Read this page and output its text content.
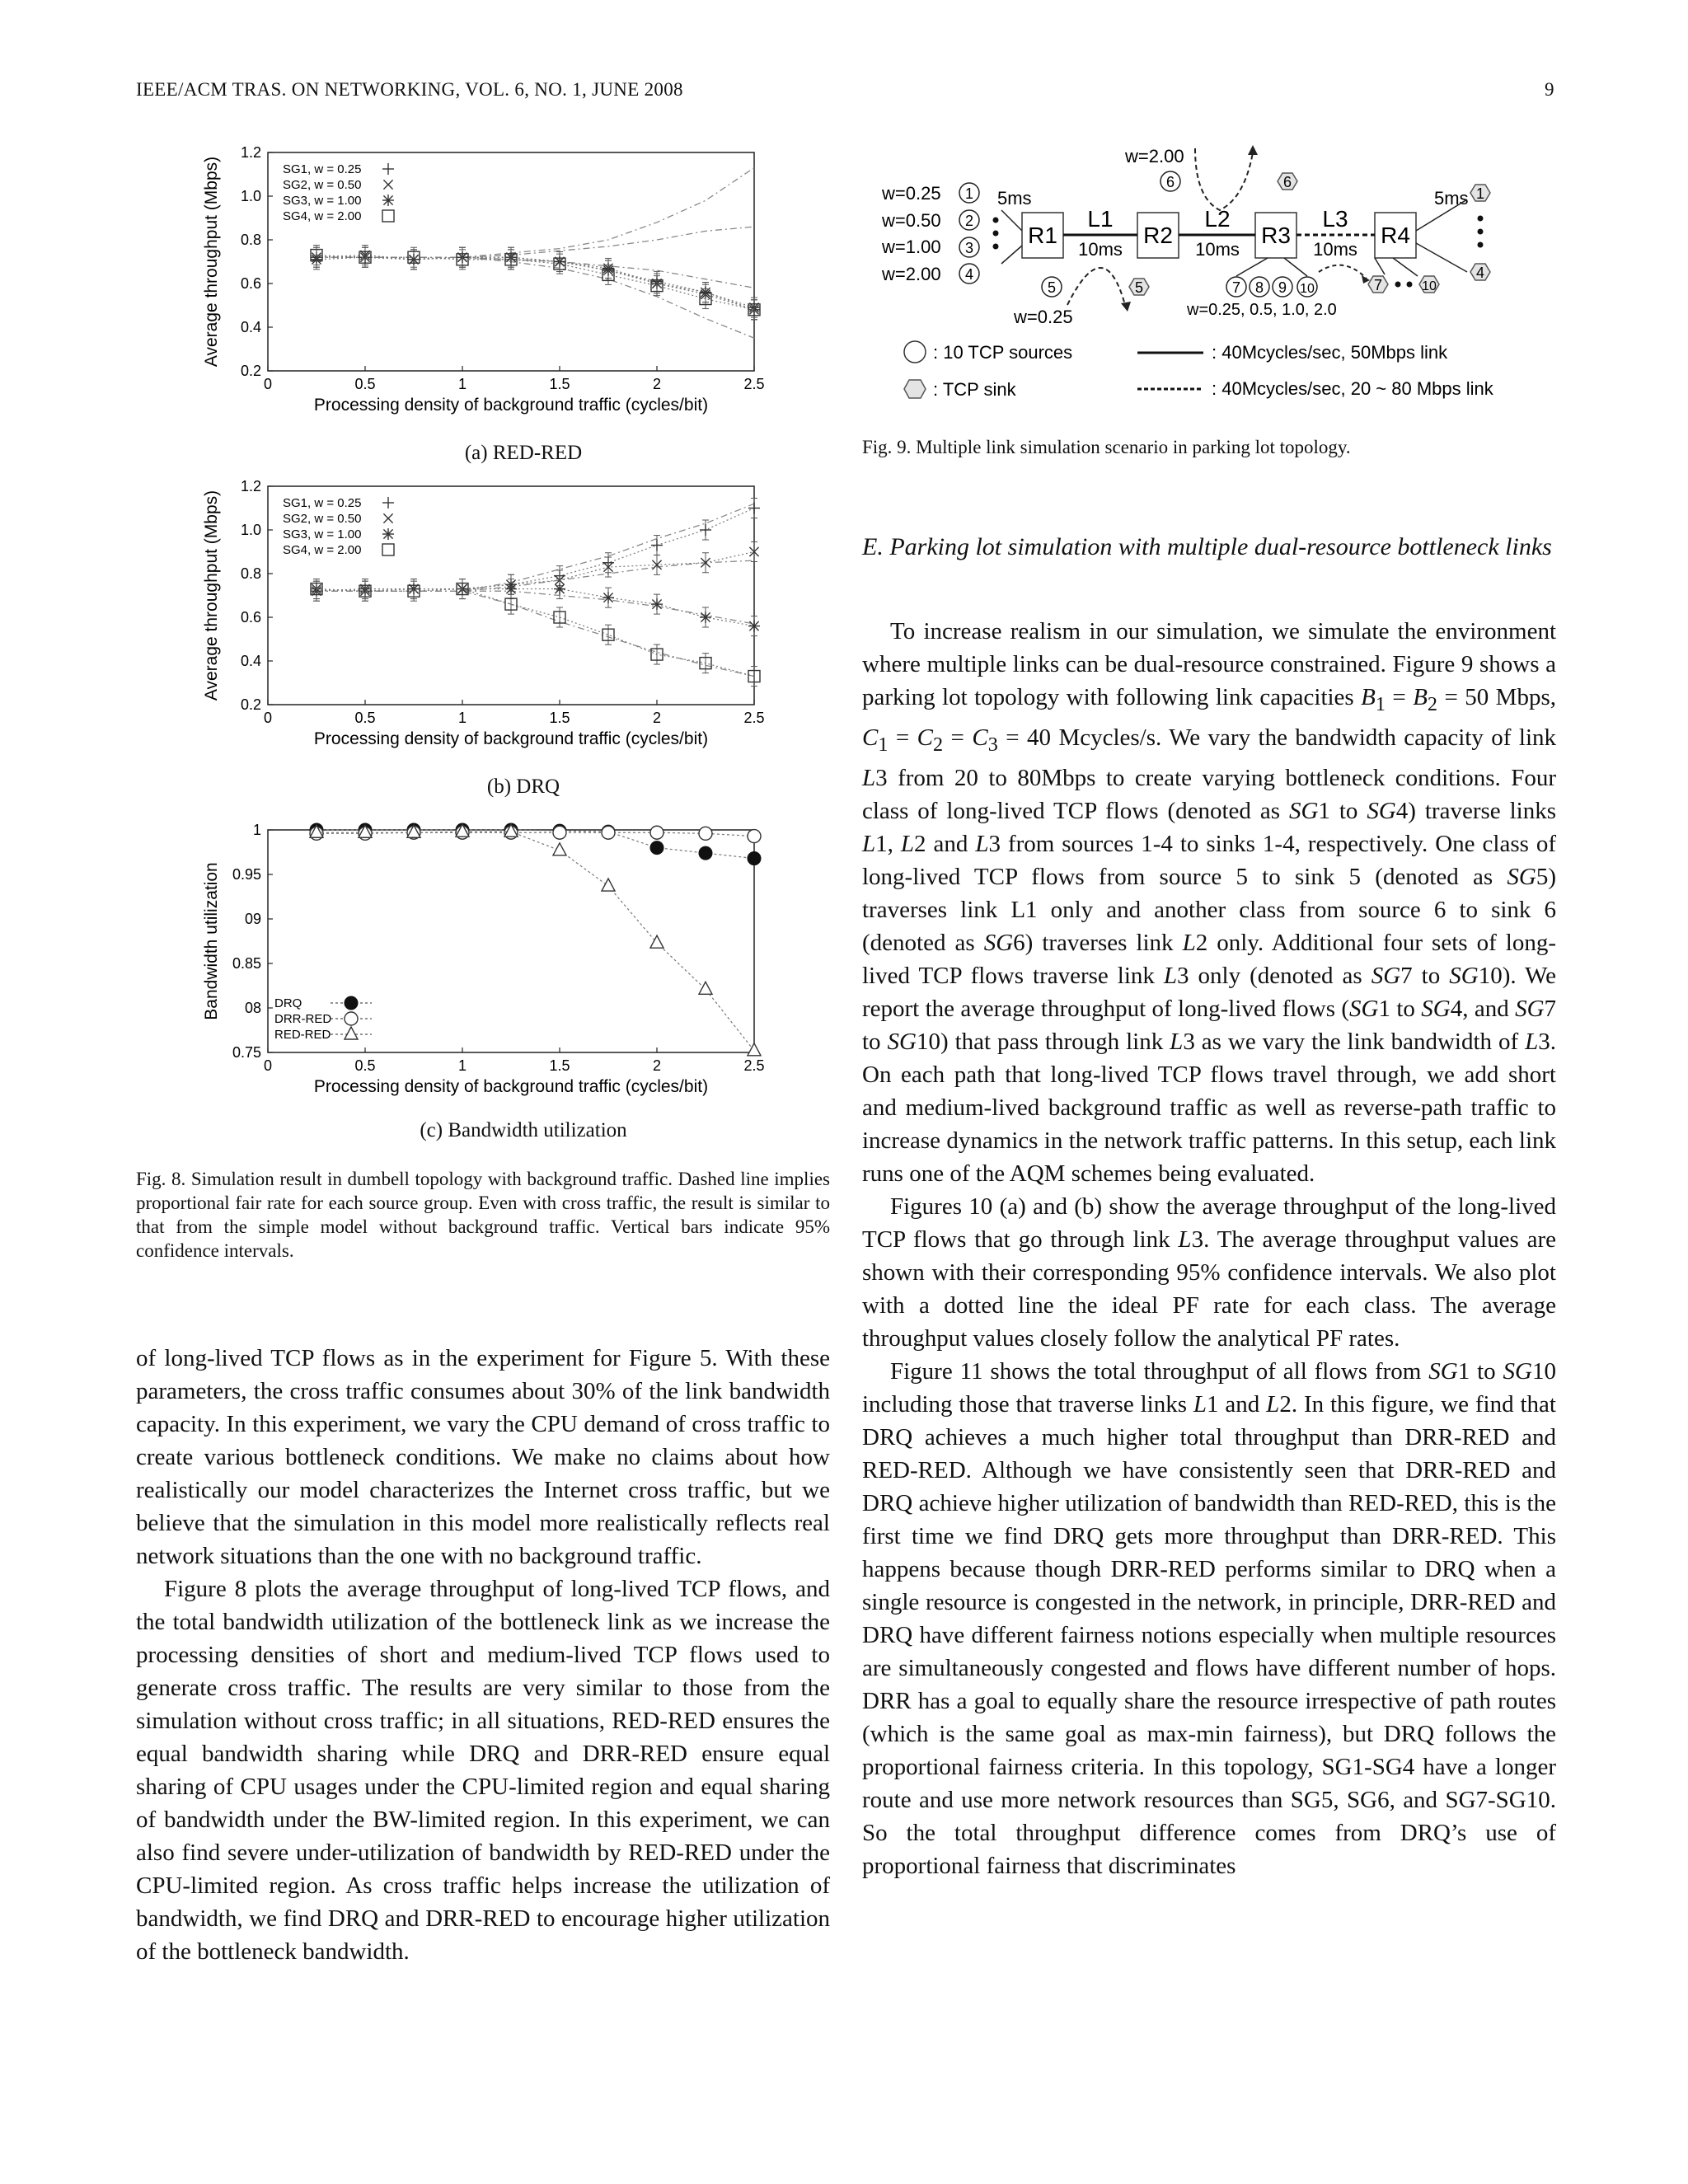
IEEE/ACM TRAS. ON NETWORKING, VOL. 6, NO. 1, JUNE 2008	9
0	0.5	1	1.5	2	2.5
0.2
0.4
0.6
0.8
1.0
1.2
Processing density of background traffic (cycles/bit)
Average throughput (Mbps)	SG1, w = 0.25
SG2, w = 0.50
SG3, w = 1.00
SG4, w = 2.00
(a) RED-RED
0	0.5	1	1.5	2	2.5
0.2
0.4
0.6
0.8
1.0
1.2
Processing density of background traffic (cycles/bit)
Average throughput (Mbps)	SG1, w = 0.25
SG2, w = 0.50
SG3, w = 1.00
SG4, w = 2.00
(b) DRQ
0	0.5	1	1.5	2	2.5
0.75
08
0.85
09
0.95
1
Processing density of background traffic (cycles/bit)
Bandwidth utilization	DRQ
DRR-RED
RED-RED
(c) Bandwidth utilization
Fig. 8. Simulation result in dumbell topology with background traffic. Dashed line implies proportional fair rate for each source group. Even with cross traffic, the result is similar to that from the simple model without background traffic. Vertical bars indicate 95% confidence intervals.
w=0.25
w=0.50
w=1.00
w=2.00
1
2
3
4
5ms
R1	R2	R3	R4
L1	L2	L3
10ms	10ms	10ms
5ms 1
4
5	5
w=0.25
6	6
w=2.00
7 8 9 10
w=0.25, 0.5, 1.0, 2.0
7	10
: 10 TCP sources
: TCP sink
: 40Mcycles/sec, 50Mbps link
: 40Mcycles/sec, 20 ~ 80 Mbps link
Fig. 9. Multiple link simulation scenario in parking lot topology.
E. Parking lot simulation with multiple dual-resource bottleneck links

To increase realism in our simulation, we simulate the environment where multiple links can be dual-resource constrained. Figure 9 shows a parking lot topology with following link capacities $B_1 = B_2 = 50$ Mbps, $C_1 = C_2 = C_3 = 40$ Mcycles/s. We vary the bandwidth capacity of link L3 from 20 to 80Mbps to create varying bottleneck conditions. Four class of long-lived TCP flows (denoted as SG1 to SG4) traverse links L1, L2 and L3 from sources 1-4 to sinks 1-4, respectively. One class of long-lived TCP flows from source 5 to sink 5 (denoted as SG5) traverses link L1 only and another class from source 6 to sink 6 (denoted as SG6) traverses link L2 only. Additional four sets of long-lived TCP flows traverse link L3 only (denoted as SG7 to SG10). We report the average throughput of long-lived flows (SG1 to SG4, and SG7 to SG10) that pass through link L3 as we vary the link bandwidth of L3. On each path that long-lived TCP flows travel through, we add short and medium-lived background traffic as well as reverse-path traffic to increase dynamics in the network traffic patterns. In this setup, each link runs one of the AQM schemes being evaluated.

Figures 10 (a) and (b) show the average throughput of the long-lived TCP flows that go through link L3. The average throughput values are shown with their corresponding 95% confidence intervals. We also plot with a dotted line the ideal PF rate for each class. The average throughput values closely follow the analytical PF rates.

Figure 11 shows the total throughput of all flows from SG1 to SG10 including those that traverse links L1 and L2. In this figure, we find that DRQ achieves a much higher total throughput than DRR-RED and RED-RED. Although we have consistently seen that DRR-RED and DRQ achieve higher utilization of bandwidth than RED-RED, this is the first time we find DRQ gets more throughput than DRR-RED. This happens because though DRR-RED performs similar to DRQ when a single resource is congested in the network, in principle, DRR-RED and DRQ have different fairness notions especially when multiple resources are simultaneously congested and flows have different number of hops. DRR has a goal to equally share the resource irrespective of path routes (which is the same goal as max-min fairness), but DRQ follows the proportional fairness criteria. In this topology, SG1-SG4 have a longer route and use more network resources than SG5, SG6, and SG7-SG10. So the total throughput difference comes from DRQ’s use of proportional fairness that discriminates

of long-lived TCP flows as in the experiment for Figure 5. With these parameters, the cross traffic consumes about 30% of the link bandwidth capacity. In this experiment, we vary the CPU demand of cross traffic to create various bottleneck conditions. We make no claims about how realistically our model characterizes the Internet cross traffic, but we believe that the simulation in this model more realistically reflects real network situations than the one with no background traffic.

Figure 8 plots the average throughput of long-lived TCP flows, and the total bandwidth utilization of the bottleneck link as we increase the processing densities of short and medium-lived TCP flows used to generate cross traffic. The results are very similar to those from the simulation without cross traffic; in all situations, RED-RED ensures the equal bandwidth sharing while DRQ and DRR-RED ensure equal sharing of CPU usages under the CPU-limited region and equal sharing of bandwidth under the BW-limited region. In this experiment, we can also find severe under-utilization of bandwidth by RED-RED under the CPU-limited region. As cross traffic helps increase the utilization of bandwidth, we find DRQ and DRR-RED to encourage higher utilization of the bottleneck bandwidth.
